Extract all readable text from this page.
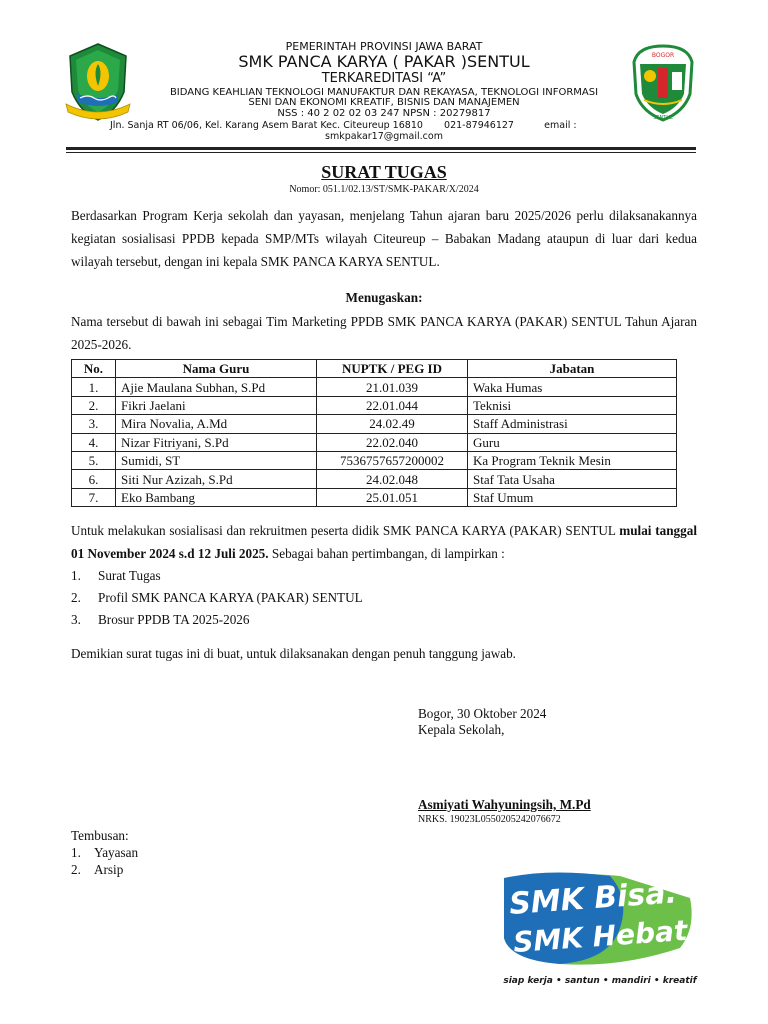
BOGOR
SENTUL
PEMERINTAH PROVINSI JAWA BARAT
SMK PANCA KARYA ( PAKAR )SENTUL
TERKAREDITASI “A”
BIDANG KEAHLIAN TEKNOLOGI MANUFAKTUR DAN REKAYASA, TEKNOLOGI INFORMASI
SENI DAN EKONOMI KREATIF, BISNIS DAN MANAJEMEN
NSS : 40 2 02 02 03 247 NPSN : 20279817
Jln. Sanja RT 06/06, Kel. Karang Asem Barat Kec. Citeureup 16810       021-87946127          email :
smkpakar17@gmail.com
SURAT TUGAS
Nomor: 051.1/02.13/ST/SMK-PAKAR/X/2024
Berdasarkan Program Kerja sekolah dan yayasan, menjelang Tahun ajaran baru 2025/2026 perlu dilaksanakannya kegiatan sosialisasi PPDB kepada SMP/MTs wilayah Citeureup – Babakan Madang ataupun di luar dari kedua wilayah tersebut, dengan ini kepala SMK PANCA KARYA SENTUL.
Menugaskan:
Nama tersebut di bawah ini sebagai Tim Marketing PPDB SMK PANCA KARYA (PAKAR) SENTUL Tahun Ajaran 2025-2026.
No.	Nama Guru	NUPTK / PEG ID	Jabatan
1.	Ajie Maulana Subhan, S.Pd	21.01.039	Waka Humas
2.	Fikri Jaelani	22.01.044	Teknisi
3.	Mira Novalia, A.Md	24.02.49	Staff Administrasi
4.	Nizar Fitriyani, S.Pd	22.02.040	Guru
5.	Sumidi, ST	7536757657200002	Ka Program Teknik Mesin
6.	Siti Nur Azizah, S.Pd	24.02.048	Staf Tata Usaha
7.	Eko Bambang	25.01.051	Staf Umum
Untuk melakukan sosialisasi dan rekruitmen peserta didik SMK PANCA KARYA (PAKAR) SENTUL mulai tanggal 01 November 2024 s.d 12 Juli 2025. Sebagai bahan pertimbangan, di lampirkan :
1. Surat Tugas
2. Profil SMK PANCA KARYA (PAKAR) SENTUL
3. Brosur PPDB TA 2025-2026
Demikian surat tugas ini di buat, untuk dilaksanakan dengan penuh tanggung jawab.
Bogor, 30 Oktober 2024
Kepala Sekolah,
Asmiyati Wahyuningsih, M.Pd
NRKS. 19023L0550205242076672
Tembusan:
1. Yayasan
2. Arsip
SMK Bisa.
SMK Hebat.
siap kerja • santun • mandiri • kreatif
